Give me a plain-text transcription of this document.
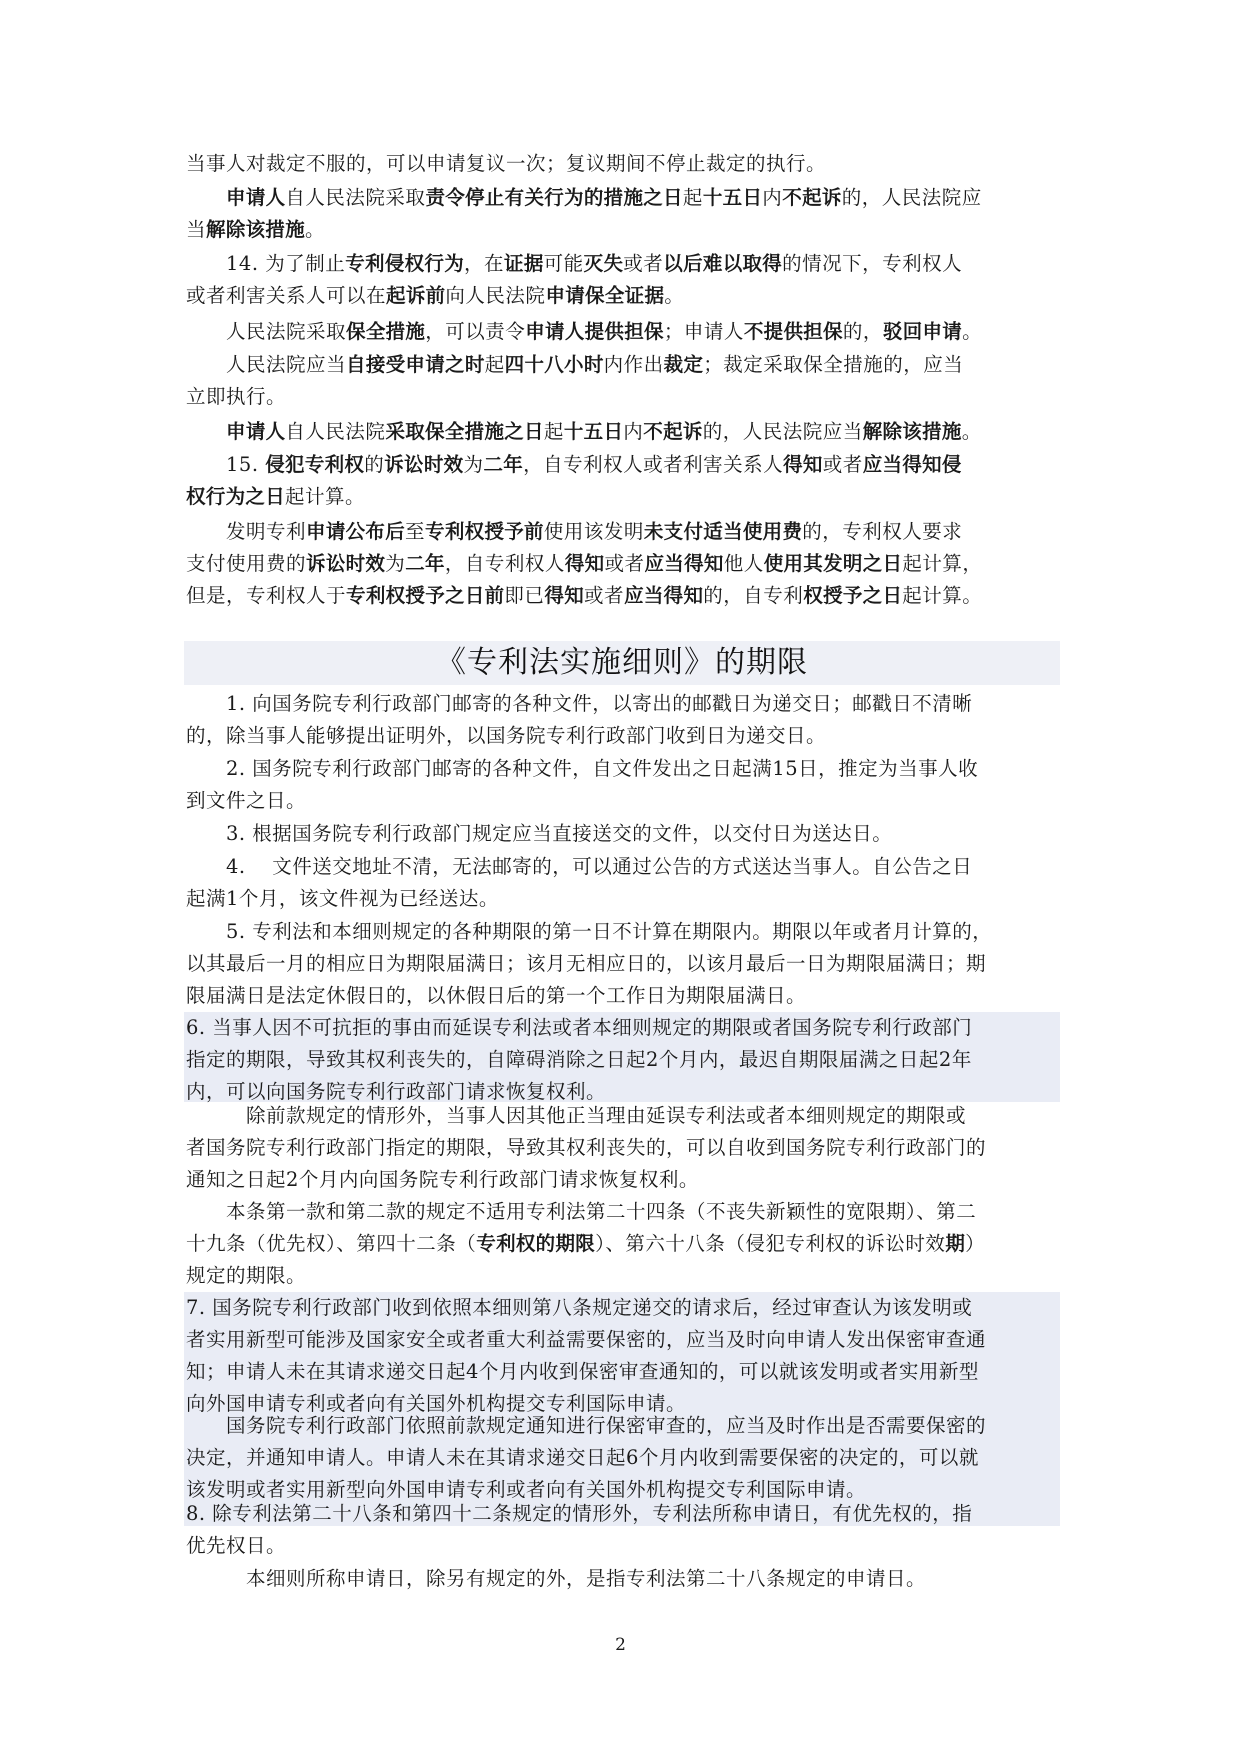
当事人对裁定不服的，可以申请复议一次；复议期间不停止裁定的执行。
　　申请人自人民法院采取责令停止有关行为的措施之日起十五日内不起诉的，人民法院应
当解除该措施。
　　14. 为了制止专利侵权行为，在证据可能灭失或者以后难以取得的情况下，专利权人
或者利害关系人可以在起诉前向人民法院申请保全证据。
　　人民法院采取保全措施，可以责令申请人提供担保；申请人不提供担保的，驳回申请。
　　人民法院应当自接受申请之时起四十八小时内作出裁定；裁定采取保全措施的，应当
立即执行。
　　申请人自人民法院采取保全措施之日起十五日内不起诉的，人民法院应当解除该措施。
　　15. 侵犯专利权的诉讼时效为二年，自专利权人或者利害关系人得知或者应当得知侵
权行为之日起计算。
　　发明专利申请公布后至专利权授予前使用该发明未支付适当使用费的，专利权人要求
支付使用费的诉讼时效为二年，自专利权人得知或者应当得知他人使用其发明之日起计算，
但是，专利权人于专利权授予之日前即已得知或者应当得知的，自专利权授予之日起计算。
《专利法实施细则》的期限
　　1. 向国务院专利行政部门邮寄的各种文件，以寄出的邮戳日为递交日；邮戳日不清晰
的，除当事人能够提出证明外，以国务院专利行政部门收到日为递交日。
　　2. 国务院专利行政部门邮寄的各种文件，自文件发出之日起满15日，推定为当事人收
到文件之日。
　　3. 根据国务院专利行政部门规定应当直接送交的文件，以交付日为送达日。
　　4. 　文件送交地址不清，无法邮寄的，可以通过公告的方式送达当事人。自公告之日
起满1个月，该文件视为已经送达。
　　5. 专利法和本细则规定的各种期限的第一日不计算在期限内。期限以年或者月计算的，
以其最后一月的相应日为期限届满日；该月无相应日的，以该月最后一日为期限届满日；期
限届满日是法定休假日的，以休假日后的第一个工作日为期限届满日。
6. 当事人因不可抗拒的事由而延误专利法或者本细则规定的期限或者国务院专利行政部门
指定的期限，导致其权利丧失的，自障碍消除之日起2个月内，最迟自期限届满之日起2年
内，可以向国务院专利行政部门请求恢复权利。
　　　除前款规定的情形外，当事人因其他正当理由延误专利法或者本细则规定的期限或
者国务院专利行政部门指定的期限，导致其权利丧失的，可以自收到国务院专利行政部门的
通知之日起2个月内向国务院专利行政部门请求恢复权利。
　　本条第一款和第二款的规定不适用专利法第二十四条（不丧失新颖性的宽限期）、第二
十九条（优先权）、第四十二条（专利权的期限）、第六十八条（侵犯专利权的诉讼时效期）
规定的期限。
7. 国务院专利行政部门收到依照本细则第八条规定递交的请求后，经过审查认为该发明或
者实用新型可能涉及国家安全或者重大利益需要保密的，应当及时向申请人发出保密审查通
知；申请人未在其请求递交日起4个月内收到保密审查通知的，可以就该发明或者实用新型
向外国申请专利或者向有关国外机构提交专利国际申请。
　　国务院专利行政部门依照前款规定通知进行保密审查的，应当及时作出是否需要保密的
决定，并通知申请人。申请人未在其请求递交日起6个月内收到需要保密的决定的，可以就
该发明或者实用新型向外国申请专利或者向有关国外机构提交专利国际申请。
8. 除专利法第二十八条和第四十二条规定的情形外，专利法所称申请日，有优先权的，指
优先权日。
　　　本细则所称申请日，除另有规定的外，是指专利法第二十八条规定的申请日。
2
